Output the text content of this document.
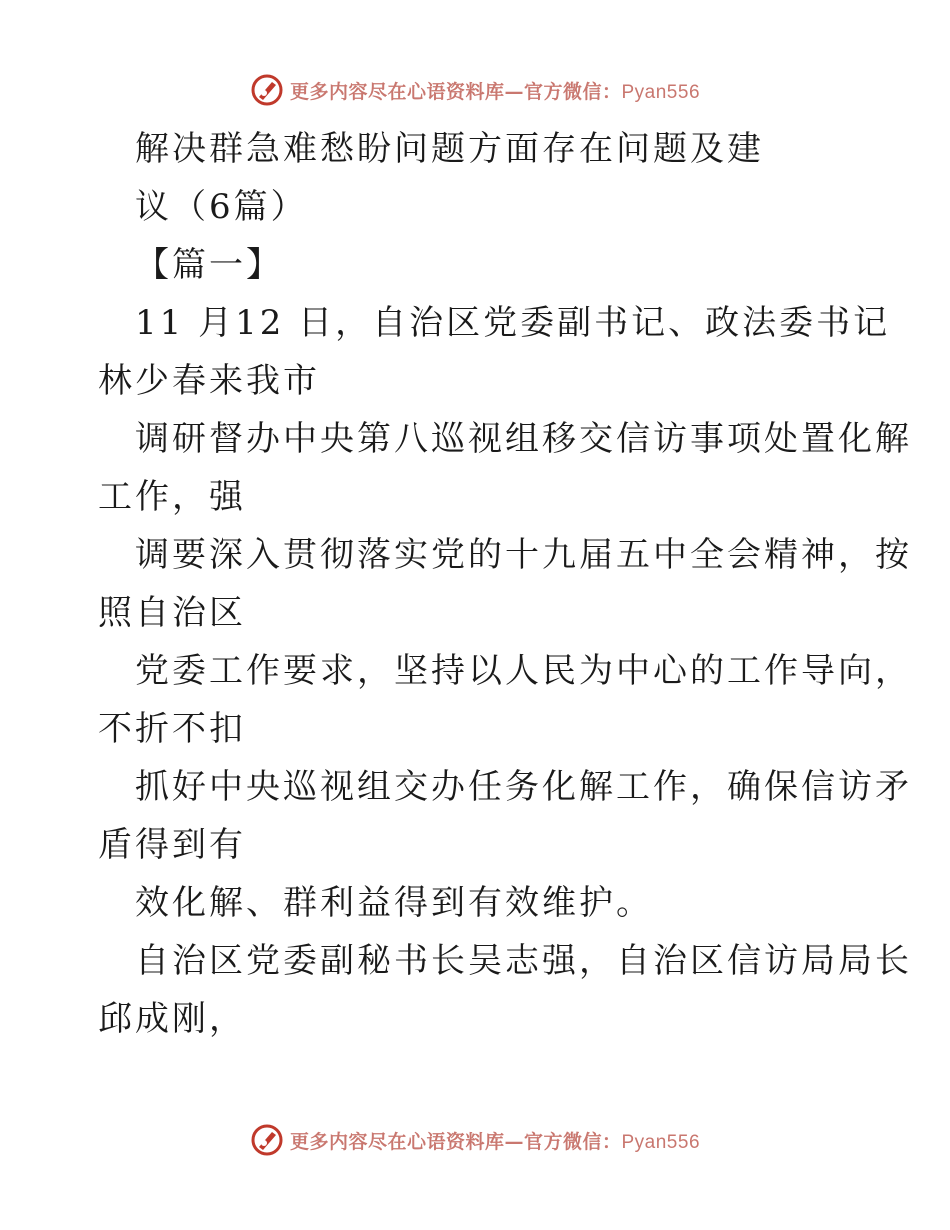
更多内容尽在心语资料库—官方微信：Pyan556
解决群急难愁盼问题方面存在问题及建
议（6篇）
【篇一】
11 月12 日，自治区党委副书记、政法委书记
林少春来我市
调研督办中央第八巡视组移交信访事项处置化解
工作，强
调要深入贯彻落实党的十九届五中全会精神，按
照自治区
党委工作要求，坚持以人民为中心的工作导向，
不折不扣
抓好中央巡视组交办任务化解工作，确保信访矛
盾得到有
效化解、群利益得到有效维护。
自治区党委副秘书长吴志强，自治区信访局局长
邱成刚，
更多内容尽在心语资料库—官方微信：Pyan556
